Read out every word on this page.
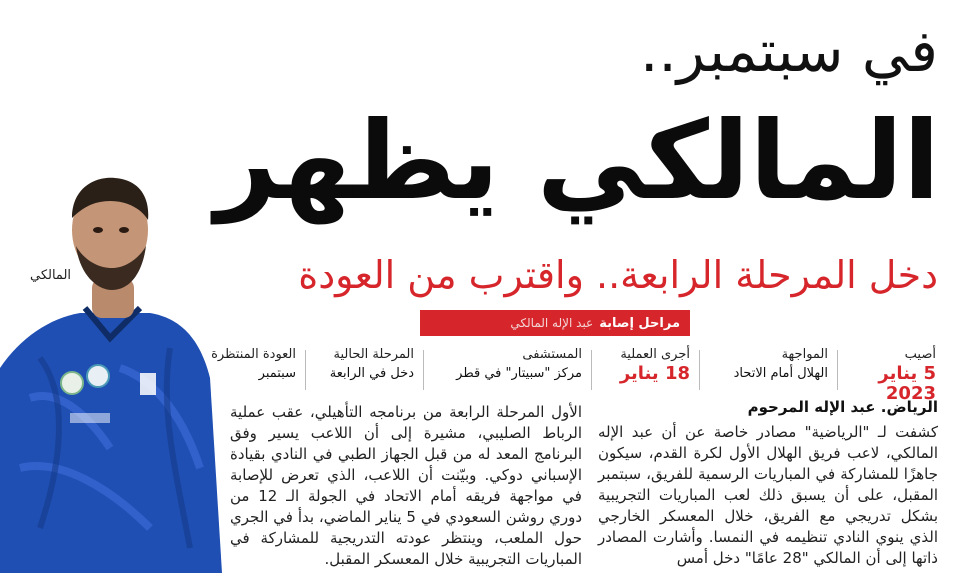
في سبتمبر..
المالكي يظهر
دخل المرحلة الرابعة.. واقترب من العودة
المالكي
مراحل إصابة
عبد الإله المالكي
أصيب
5 يناير 2023
المواجهة
الهلال أمام الاتحاد
أجرى العملية
18 يناير
المستشفى
مركز "سبيتار" في قطر
المرحلة الحالية
دخل في الرابعة
العودة المنتظرة
سبتمبر
الرياض. عبد الإله المرحوم

كشفت لـ "الرياضية" مصادر خاصة عن أن عبد الإله المالكي، لاعب فريق الهلال الأول لكرة القدم، سيكون جاهزًا للمشاركة في المباريات الرسمية للفريق، سبتمبر المقبل، على أن يسبق ذلك لعب المباريات التجريبية بشكل تدريجي مع الفريق، خلال المعسكر الخارجي الذي ينوي النادي تنظيمه في النمسا. وأشارت المصادر ذاتها إلى أن المالكي "28 عامًا" دخل أمس

الأول المرحلة الرابعة من برنامجه التأهيلي، عقب عملية الرباط الصليبي، مشيرة إلى أن اللاعب يسير وفق البرنامج المعد له من قبل الجهاز الطبي في النادي بقيادة الإسباني دوكي. وبيّنت أن اللاعب، الذي تعرض للإصابة في مواجهة فريقه أمام الاتحاد في الجولة الـ 12 من دوري روشن السعودي في 5 يناير الماضي، بدأ في الجري حول الملعب، وينتظر عودته التدريجية للمشاركة في المباريات التجريبية خلال المعسكر المقبل.
